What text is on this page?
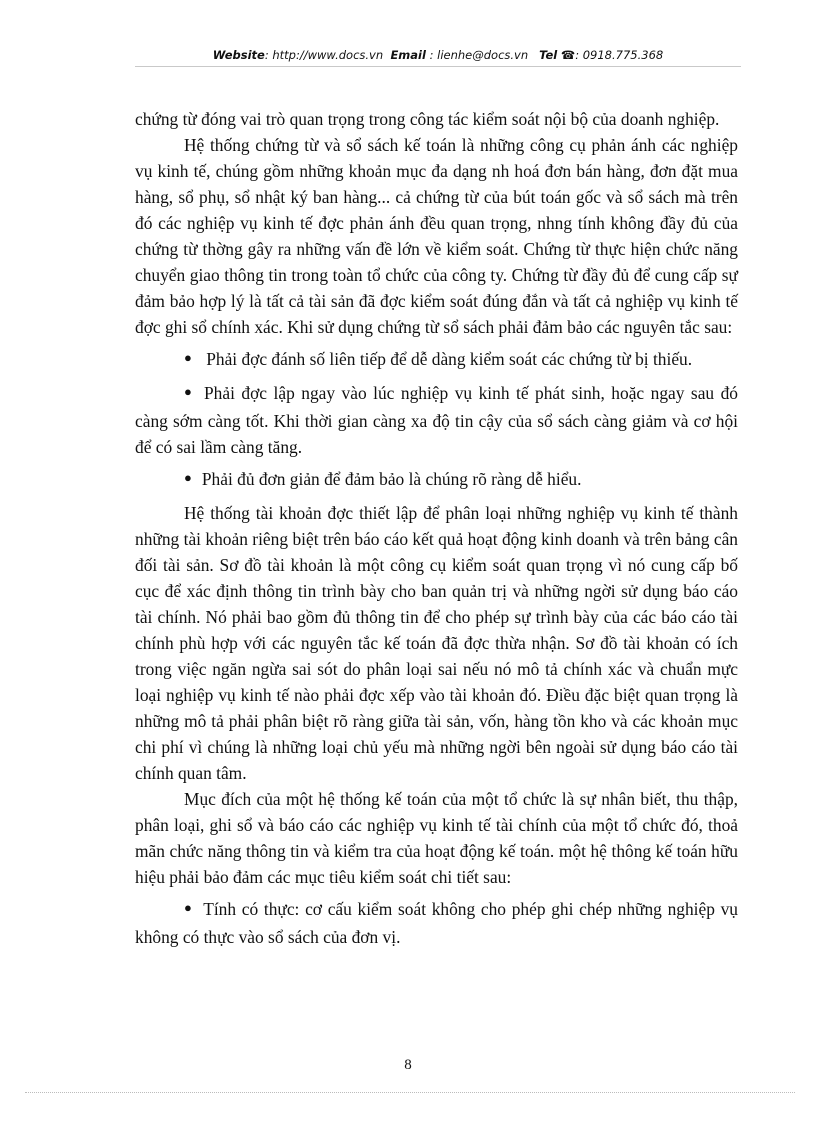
Website: http://www.docs.vn Email : lienhe@docs.vn Tel ☎: 0918.775.368

chứng từ đóng vai trò quan trọng trong công tác kiểm soát nội bộ của doanh nghiệp.

Hệ thống chứng từ và sổ sách kế toán là những công cụ phản ánh các nghiệp vụ kinh tế, chúng gồm những khoản mục đa dạng nh hoá đơn bán hàng, đơn đặt mua hàng, sổ phụ, sổ nhật ký ban hàng... cả chứng từ của bút toán gốc và sổ sách mà trên đó các nghiệp vụ kinh tế đợc phản ánh đều quan trọng, nhng tính không đầy đủ của chứng từ thờng gây ra những vấn đề lớn về kiểm soát. Chứng từ thực hiện chức năng chuyển giao thông tin trong toàn tổ chức của công ty. Chứng từ đầy đủ để cung cấp sự đảm bảo hợp lý là tất cả tài sản đã đợc kiểm soát đúng đắn và tất cả nghiệp vụ kinh tế đợc ghi sổ chính xác. Khi sử dụng chứng từ sổ sách phải đảm bảo các nguyên tắc sau:

● Phải đợc đánh số liên tiếp để dễ dàng kiểm soát các chứng từ bị thiếu.

● Phải đợc lập ngay vào lúc nghiệp vụ kinh tế phát sinh, hoặc ngay sau đó càng sớm càng tốt. Khi thời gian càng xa độ tin cậy của sổ sách càng giảm và cơ hội để có sai lầm càng tăng.

● Phải đủ đơn giản để đảm bảo là chúng rõ ràng dễ hiểu.

Hệ thống tài khoản đợc thiết lập để phân loại những nghiệp vụ kinh tế thành những tài khoản riêng biệt trên báo cáo kết quả hoạt động kinh doanh và trên bảng cân đối tài sản. Sơ đồ tài khoản là một công cụ kiểm soát quan trọng vì nó cung cấp bố cục để xác định thông tin trình bày cho ban quản trị và những ngời sử dụng báo cáo tài chính. Nó phải bao gồm đủ thông tin để cho phép sự trình bày của các báo cáo tài chính phù hợp với các nguyên tắc kế toán đã đợc thừa nhận. Sơ đồ tài khoản có ích trong việc ngăn ngừa sai sót do phân loại sai nếu nó mô tả chính xác và chuẩn mực loại nghiệp vụ kinh tế nào phải đợc xếp vào tài khoản đó. Điều đặc biệt quan trọng là những mô tả phải phân biệt rõ ràng giữa tài sản, vốn, hàng tồn kho và các khoản mục chi phí vì chúng là những loại chủ yếu mà những ngời bên ngoài sử dụng báo cáo tài chính quan tâm.

Mục đích của một hệ thống kế toán của một tổ chức là sự nhân biết, thu thập, phân loại, ghi sổ và báo cáo các nghiệp vụ kinh tế tài chính của một tổ chức đó, thoả mãn chức năng thông tin và kiểm tra của hoạt động kế toán. một hệ thông kế toán hữu hiệu phải bảo đảm các mục tiêu kiểm soát chi tiết sau:

● Tính có thực: cơ cấu kiểm soát không cho phép ghi chép những nghiệp vụ không có thực vào sổ sách của đơn vị.

8
